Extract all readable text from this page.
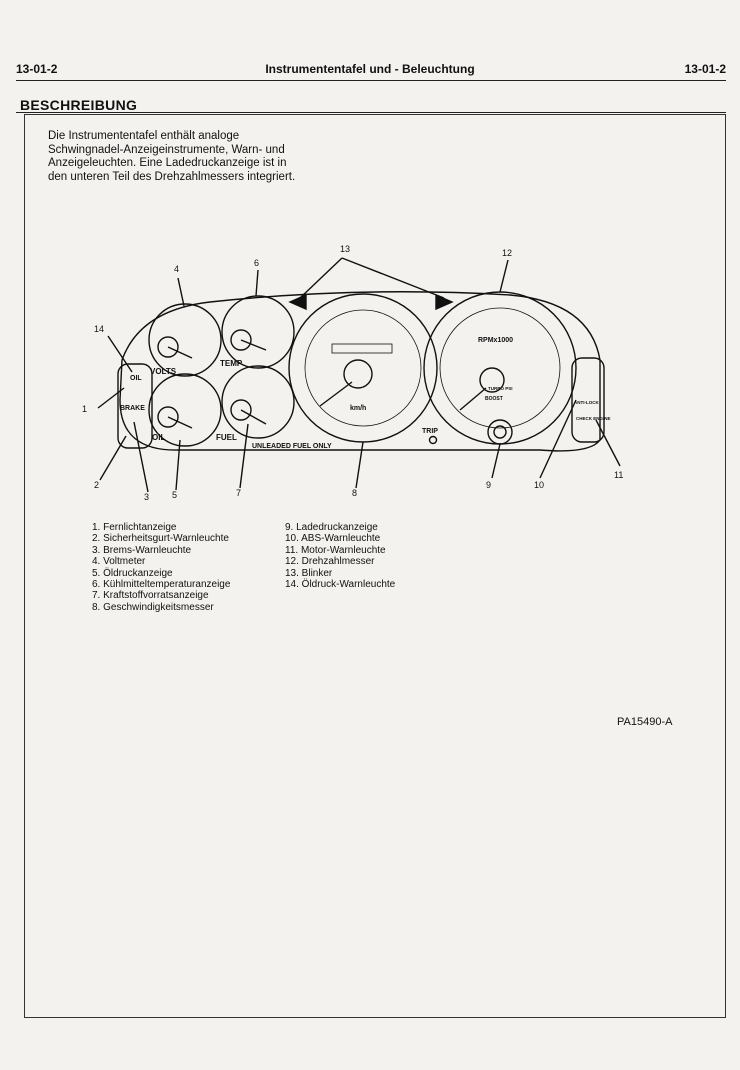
13-01-2	Instrumententafel und - Beleuchtung	13-01-2
BESCHREIBUNG
Die Instrumententafel enthält analoge
Schwingnadel-Anzeigeinstrumente, Warn- und
Anzeigeleuchten. Eine Ladedruckanzeige ist in
den unteren Teil des Drehzahlmessers integriert.
VOLTS
TEMP
OIL	FUEL
UNLEADED FUEL ONLY
km/h
TRIP
RPMx1000
TURBO PSI
BOOST
OIL
BRAKE
ANTI-LOCK
CHECK ENGINE
13
4
6
12
14
1
2
3	5	7	8
9	10
11
1. Fernlichtanzeige
2. Sicherheitsgurt-Warnleuchte
3. Brems-Warnleuchte
4. Voltmeter
5. Öldruckanzeige
6. Kühlmitteltemperaturanzeige
7. Kraftstoffvorratsanzeige
8. Geschwindigkeitsmesser
9. Ladedruckanzeige
10. ABS-Warnleuchte
11. Motor-Warnleuchte
12. Drehzahlmesser
13. Blinker
14. Öldruck-Warnleuchte
PA15490-A
